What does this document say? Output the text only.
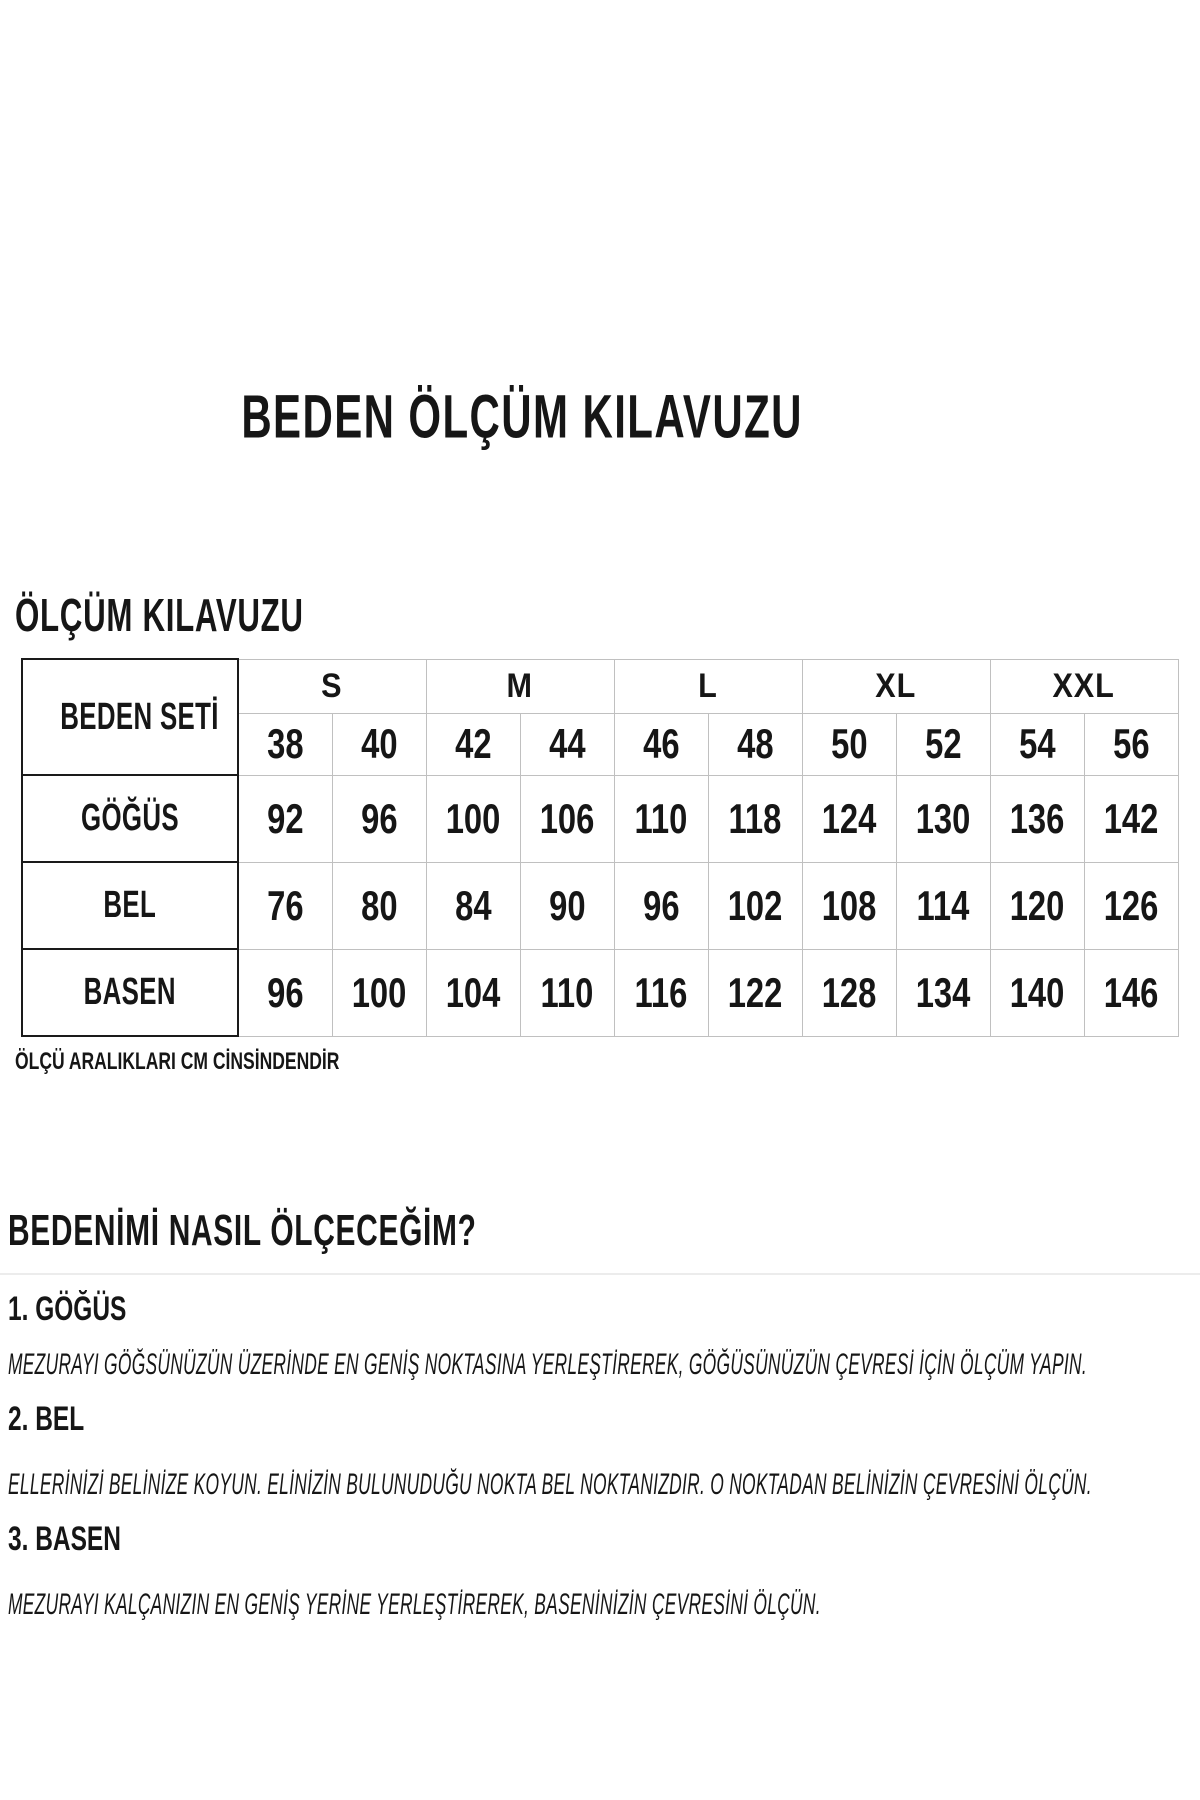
BEDEN ÖLÇÜM KILAVUZU
ÖLÇÜM KILAVUZU
BEDEN SETİ	S		M		L		XL		XXL	
	38	40	42	44	46	48	50	52	54	56
GÖĞÜS	92	96	100	106	110	118	124	130	136	142
BEL	76	80	84	90	96	102	108	114	120	126
BASEN	96	100	104	110	116	122	128	134	140	146
ÖLÇÜ ARALIKLARI CM CİNSİNDENDİR
BEDENİMİ NASIL ÖLÇECEĞİM?
1. GÖĞÜS
MEZURAYI GÖĞSÜNÜZÜN ÜZERİNDE EN GENİŞ NOKTASINA YERLEŞTİREREK, GÖĞÜSÜNÜZÜN ÇEVRESİ İÇİN ÖLÇÜM YAPIN.
2. BEL
ELLERİNİZİ BELİNİZE KOYUN. ELİNİZİN BULUNUDUĞU NOKTA BEL NOKTANIZDIR. O NOKTADAN BELİNİZİN ÇEVRESİNİ ÖLÇÜN.
3. BASEN
MEZURAYI KALÇANIZIN EN GENİŞ YERİNE YERLEŞTİREREK, BASENİNİZİN ÇEVRESİNİ ÖLÇÜN.
